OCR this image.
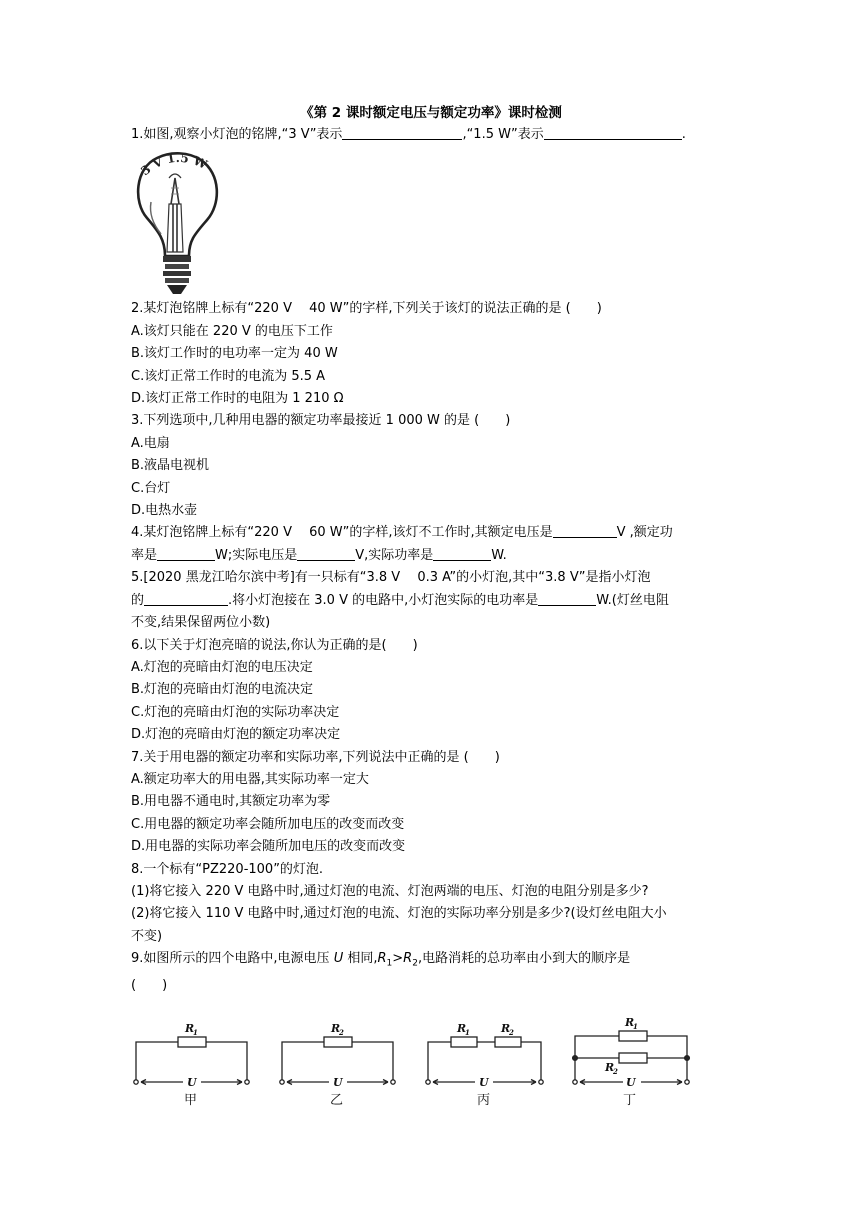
《第 2 课时额定电压与额定功率》课时检测
1.如图,观察小灯泡的铭牌,“3 V”表示	,“1.5 W”表示	.
3 V 1.5 W
2.某灯泡铭牌上标有“220 V　 40 W”的字样,下列关于该灯的说法正确的是 (　　)
A.该灯只能在 220 V 的电压下工作
B.该灯工作时的电功率一定为 40 W
C.该灯正常工作时的电流为 5.5 A
D.该灯正常工作时的电阻为 1 210 Ω
3.下列选项中,几种用电器的额定功率最接近 1 000 W 的是 (　　)
A.电扇
B.液晶电视机
C.台灯
D.电热水壶
4.某灯泡铭牌上标有“220 V　 60 W”的字样,该灯不工作时,其额定电压是	V ,额定功
率是	W;实际电压是	V,实际功率是	W.
5.[2020 黑龙江哈尔滨中考]有一只标有“3.8 V　 0.3 A”的小灯泡,其中“3.8 V”是指小灯泡
的	.将小灯泡接在 3.0 V 的电路中,小灯泡实际的电功率是	W.(灯丝电阻
不变,结果保留两位小数)
6.以下关于灯泡亮暗的说法,你认为正确的是(　　)
A.灯泡的亮暗由灯泡的电压决定
B.灯泡的亮暗由灯泡的电流决定
C.灯泡的亮暗由灯泡的实际功率决定
D.灯泡的亮暗由灯泡的额定功率决定
7.关于用电器的额定功率和实际功率,下列说法中正确的是 (　　)
A.额定功率大的用电器,其实际功率一定大
B.用电器不通电时,其额定功率为零
C.用电器的额定功率会随所加电压的改变而改变
D.用电器的实际功率会随所加电压的改变而改变
8.一个标有“PZ220-100”的灯泡.
(1)将它接入 220 V 电路中时,通过灯泡的电流、灯泡两端的电压、灯泡的电阻分别是多少?
(2)将它接入 110 V 电路中时,通过灯泡的电流、灯泡的实际功率分别是多少?(设灯丝电阻大小
不变)
9.如图所示的四个电路中,电源电压 U 相同$,R_1>R_2$,电路消耗的总功率由小到大的顺序是
(　　)
R
1	R
2	R
1	R
2
R
1
R
2
U	U	U	U
甲	乙	丙	丁
